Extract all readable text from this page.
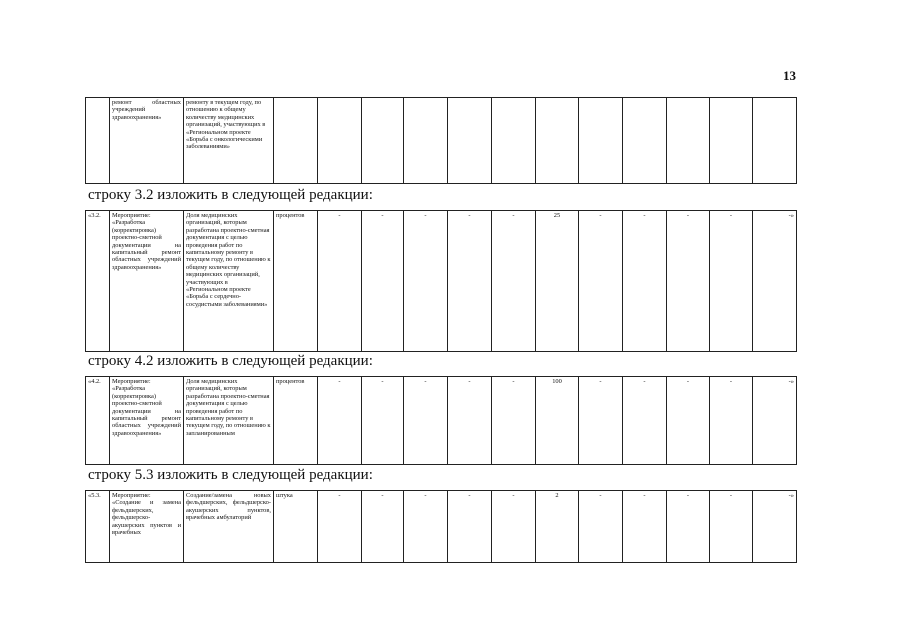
13
	ремонт областных учреждений здравоохранения»	ремонту в текущем году, по отношению к общему количеству медицинских организаций, участвующих в «Региональном проекте «Борьба с онкологическими заболеваниями»												
строку 3.2 изложить в следующей редакции:
«3.2.	Мероприятие: «Разработка (корректировка) проектно-сметной документации на капитальный ремонт областных учреждений здравоохранения»	Доля медицинских организаций, которым разработана проектно-сметная документация с целью проведения работ по капитальному ремонту в текущем году, по отношению к общему количеству медицинских организаций, участвующих в «Региональном проекте «Борьба с сердечно-сосудистыми заболеваниями»	процентов	-	-	-	-	-	25	-	-	-	-	-»
строку 4.2 изложить в следующей редакции:
«4.2.	Мероприятие: «Разработка (корректировка) проектно-сметной документации на капитальный ремонт областных учреждений здравоохранения»	Доля медицинских организаций, которым разработана проектно-сметная документация с целью проведения работ по капитальному ремонту в текущем году, по отношению к запланированным	процентов	-	-	-	-	-	100	-	-	-	-	-»
строку 5.3 изложить в следующей редакции:
«5.3.	Мероприятие: «Создание и замена фельдшерских, фельдшерско-акушерских пунктов и врачебных	Создание/замена новых фельдшерских, фельдшерско-акушерских пунктов, врачебных амбулаторий	штука	-	-	-	-	-	2	-	-	-	-	-»
